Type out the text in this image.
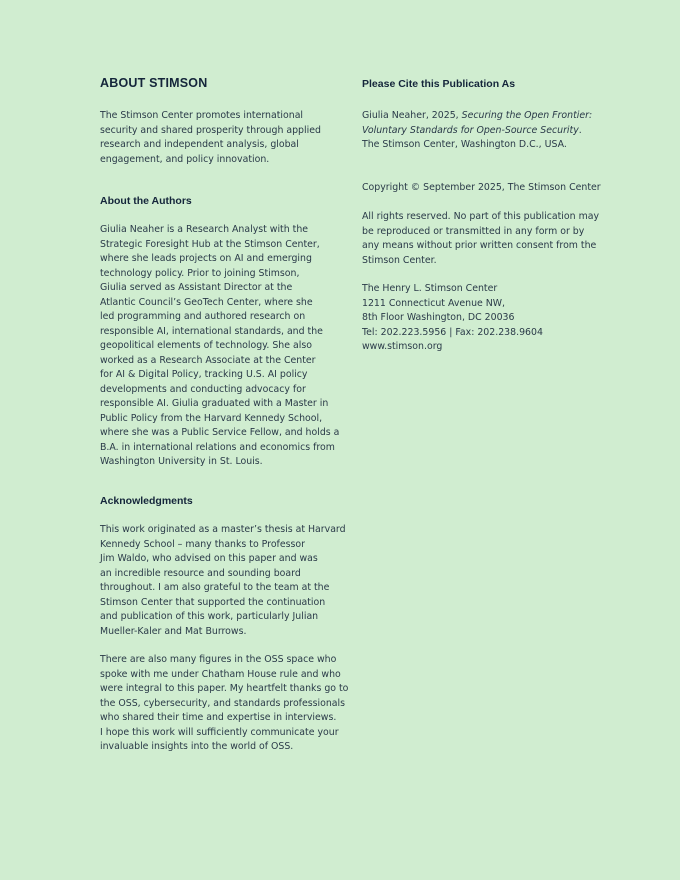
ABOUT STIMSON

The Stimson Center promotes international
security and shared prosperity through applied
research and independent analysis, global
engagement, and policy innovation.

About the Authors

Giulia Neaher is a Research Analyst with the
Strategic Foresight Hub at the Stimson Center,
where she leads projects on AI and emerging
technology policy. Prior to joining Stimson,
Giulia served as Assistant Director at the
Atlantic Council’s GeoTech Center, where she
led programming and authored research on
responsible AI, international standards, and the
geopolitical elements of technology. She also
worked as a Research Associate at the Center
for AI & Digital Policy, tracking U.S. AI policy
developments and conducting advocacy for
responsible AI. Giulia graduated with a Master in
Public Policy from the Harvard Kennedy School,
where she was a Public Service Fellow, and holds a
B.A. in international relations and economics from
Washington University in St. Louis.

Acknowledgments

This work originated as a master’s thesis at Harvard
Kennedy School – many thanks to Professor
Jim Waldo, who advised on this paper and was
an incredible resource and sounding board
throughout. I am also grateful to the team at the
Stimson Center that supported the continuation
and publication of this work, particularly Julian
Mueller-Kaler and Mat Burrows.

There are also many figures in the OSS space who
spoke with me under Chatham House rule and who
were integral to this paper. My heartfelt thanks go to
the OSS, cybersecurity, and standards professionals
who shared their time and expertise in interviews.
I hope this work will sufficiently communicate your
invaluable insights into the world of OSS.

Please Cite this Publication As

Giulia Neaher, 2025, Securing the Open Frontier:
Voluntary Standards for Open-Source Security.
The Stimson Center, Washington D.C., USA.

Copyright © September 2025, The Stimson Center

All rights reserved. No part of this publication may
be reproduced or transmitted in any form or by
any means without prior written consent from the
Stimson Center.

The Henry L. Stimson Center
1211 Connecticut Avenue NW,
8th Floor Washington, DC 20036
Tel: 202.223.5956 | Fax: 202.238.9604
www.stimson.org
